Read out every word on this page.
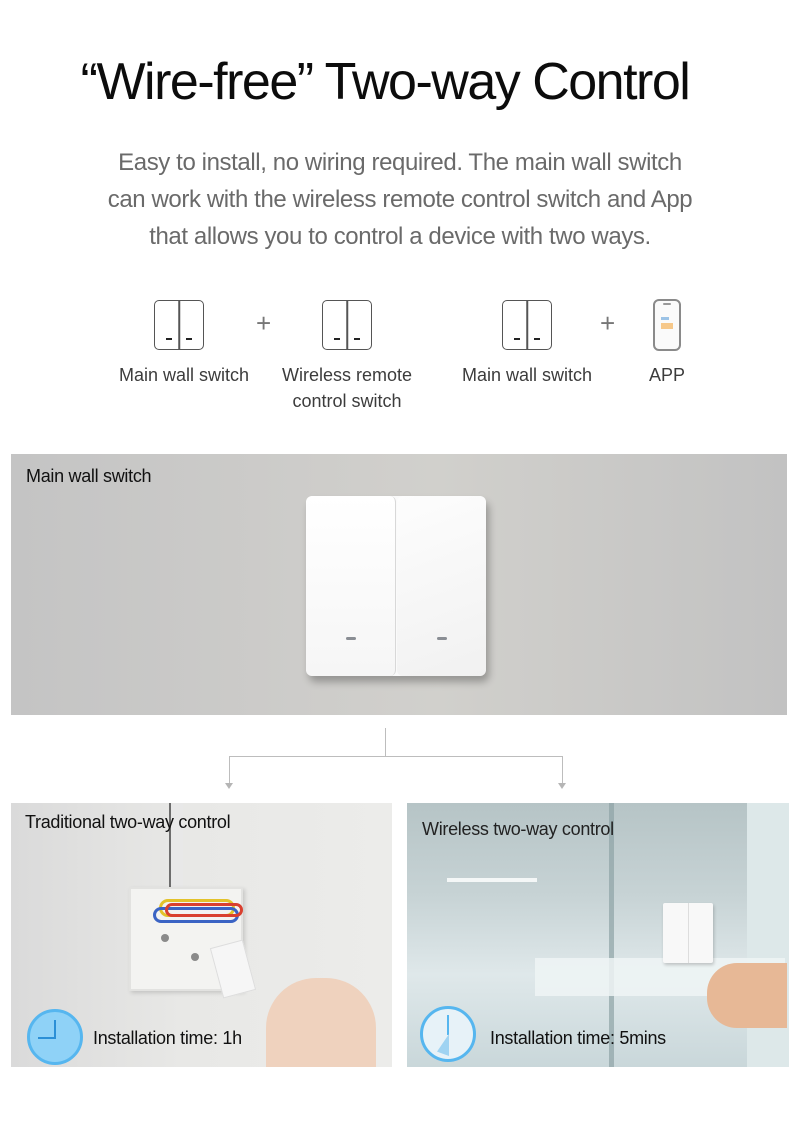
“Wire-free” Two-way Control
Easy to install, no wiring required. The main wall switch
can work with the wireless remote control switch and App
that allows you to control a device with two ways.
Main wall switch
+
Wireless remote
control switch
Main wall switch
+
APP
Main wall switch
Traditional two-way control
Installation time: 1h
Wireless two-way control
Installation time: 5mins
